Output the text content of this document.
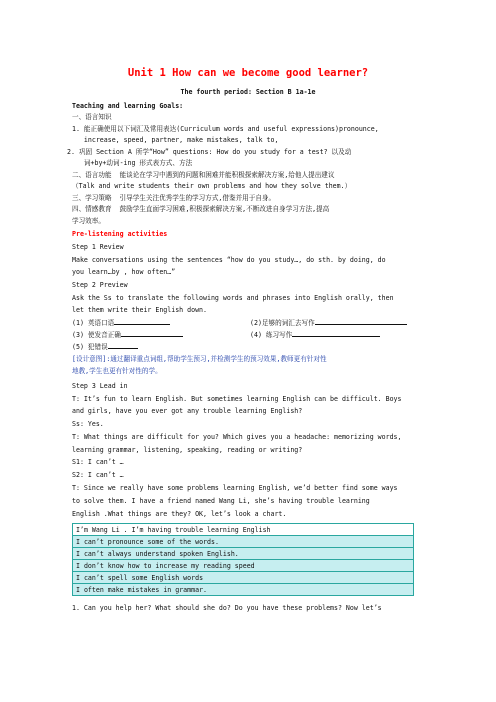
Unit 1 How can we become good learner?
The fourth period: Section B 1a-1e
Teaching and learning Goals:
一、语言知识
1. 能正确使用以下词汇及常用表达(Curriculum words and useful expressions)pronounce,
increase, speed, partner, make mistakes, talk to,
2. 巩固 Section A 所学“How” questions: How do you study for a test? 以及动
词+by+动词-ing 形式表方式、方法
二、语言功能  能谈论在学习中遇到的问题和困难并能积极探索解决方案,给他人提出建议
（Talk and write students their own problems and how they solve them.）
三、学习策略  引导学生关注优秀学生的学习方式,借鉴并用于自身。
四、情感教育  鼓励学生直面学习困难,积极探索解决方案,不断改进自身学习方法,提高
学习效率。
Pre-listening activities
Step 1 Review
Make conversations using the sentences “how do you study…, do sth. by doing, do
you learn…by , how often…”
Step 2 Preview
Ask the Ss to translate the following words and phrases into English orally, then
let them write their English down.
(1) 英语口语	(2)足够的词汇去写作
(3) 使发音正确	(4) 练习写作
(5) 犯错误
[设计意图]:通过翻译重点词组,帮助学生预习,并检测学生的预习效果,教师更有针对性
地教,学生也更有针对性的学。
Step 3 Lead in
T: It’s fun to learn English. But sometimes learning English can be difficult. Boys
and girls, have you ever got any trouble learning English?
Ss: Yes.
T: What things are difficult for you? Which gives you a headache: memorizing words,
learning grammar, listening, speaking, reading or writing?
S1: I can’t …
S2: I can’t …
T: Since we really have some problems learning English, we’d better find some ways
to solve them. I have a friend named Wang Li, she’s having trouble learning
English .What things are they? OK, let’s look a chart.
I’m Wang Li . I’m having trouble learning English
I can’t pronounce some of the words.
I can’t always understand spoken English.
I don’t know how to increase my reading speed
I can’t spell some English words
I often make mistakes in grammar.
1. Can you help her? What should she do? Do you have these problems? Now let’s
